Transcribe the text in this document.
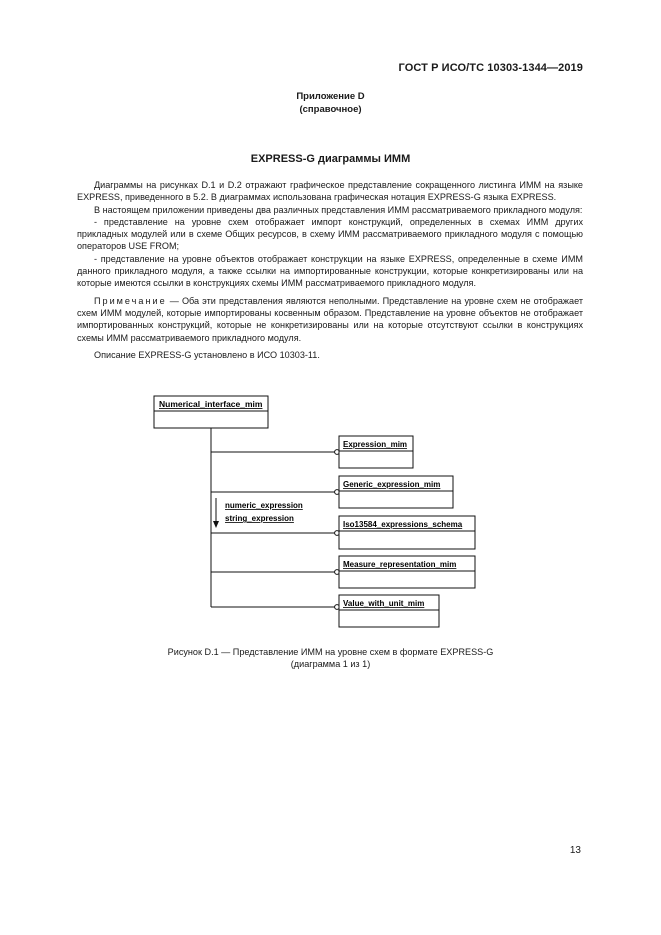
ГОСТ Р ИСО/ТС 10303-1344—2019
Приложение D
(справочное)
EXPRESS-G диаграммы ИММ

Диаграммы на рисунках D.1 и D.2 отражают графическое представление сокращенного листинга ИММ на языке EXPRESS, приведенного в 5.2. В диаграммах использована графическая нотация EXPRESS-G языка EXPRESS.

В настоящем приложении приведены два различных представления ИММ рассматриваемого прикладного модуля:

- представление на уровне схем отображает импорт конструкций, определенных в схемах ИММ других прикладных модулей или в схеме Общих ресурсов, в схему ИММ рассматриваемого прикладного модуля с помощью операторов USE FROM;

- представление на уровне объектов отображает конструкции на языке EXPRESS, определенные в схеме ИММ данного прикладного модуля, а также ссылки на импортированные конструкции, которые конкретизированы или на которые имеются ссылки в конструкциях схемы ИММ рассматриваемого прикладного модуля.

Примечание — Оба эти представления являются неполными. Представление на уровне схем не отображает схем ИММ модулей, которые импортированы косвенным образом. Представление на уровне объектов не отображает импортированных конструкций, которые не конкретизированы или на которые отсутствуют ссылки в конструкциях схемы ИММ рассматриваемого прикладного модуля.

Описание EXPRESS-G установлено в ИСО 10303-11.

Numerical_interface_mim
numeric_expression
string_expression
Expression_mim
Generic_expression_mim
Iso13584_expressions_schema
Measure_representation_mim
Value_with_unit_mim
Рисунок D.1 — Представление ИММ на уровне схем в формате EXPRESS-G
(диаграмма 1 из 1)
13
